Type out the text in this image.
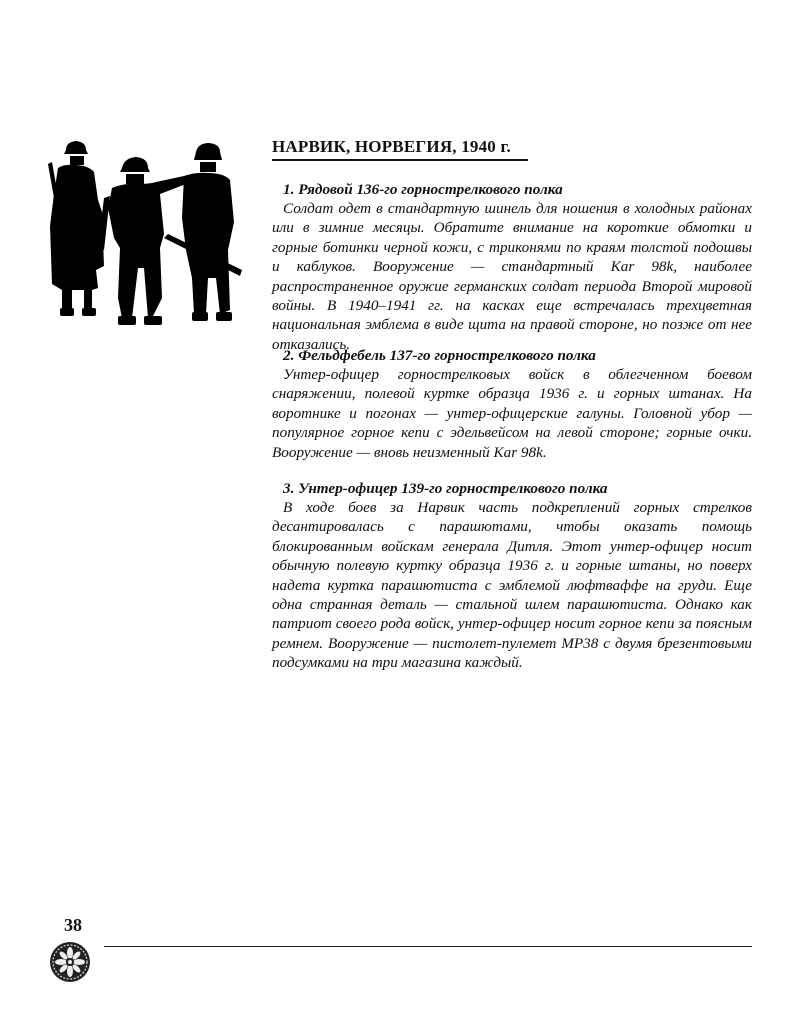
НАРВИК, НОРВЕГИЯ, 1940 г.

1. Рядовой 136-го горнострелкового полка

Солдат одет в стандартную шинель для ношения в холодных районах или в зимние месяцы. Обратите внимание на короткие обмотки и горные ботинки черной кожи, с триконями по краям толстой подошвы и каблуков. Вооружение — стандартный Kar 98k, наиболее распространенное оружие германских солдат периода Второй мировой войны. В 1940–1941 гг. на касках еще встречалась трехцветная национальная эмблема в виде щита на правой стороне, но позже от нее отказались.

2. Фельдфебель 137-го горнострелкового полка

Унтер-офицер горнострелковых войск в облегченном боевом снаряжении, полевой куртке образца 1936 г. и горных штанах. На воротнике и погонах — унтер-офицерские галуны. Головной убор — популярное горное кепи с эдельвейсом на левой стороне; горные очки. Вооружение — вновь неизменный Kar 98k.

3. Унтер-офицер 139-го горнострелкового полка

В ходе боев за Нарвик часть подкреплений горных стрелков десантировалась с парашютами, чтобы оказать помощь блокированным войскам генерала Дитля. Этот унтер-офицер носит обычную полевую куртку образца 1936 г. и горные штаны, но поверх надета куртка парашютиста с эмблемой люфтваффе на груди. Еще одна странная деталь — стальной шлем парашютиста. Однако как патриот своего рода войск, унтер-офицер носит горное кепи за поясным ремнем. Вооружение — пистолет-пулемет MP38 с двумя брезентовыми подсумками на три магазина каждый.

38
